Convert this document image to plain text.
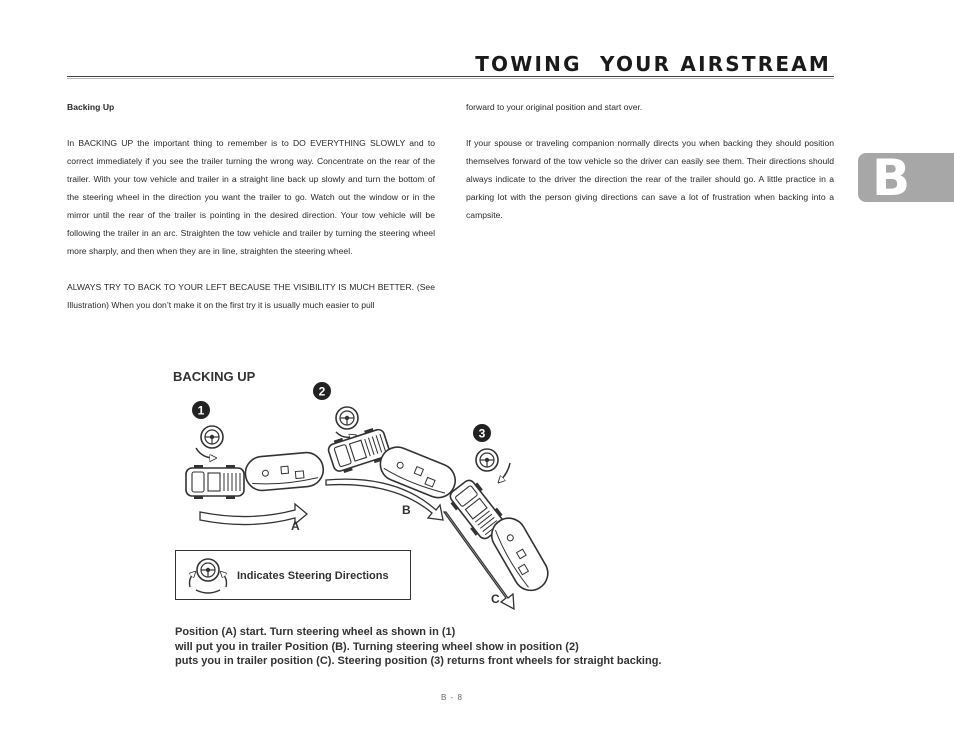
TOWING  YOUR AIRSTREAM
B

Backing Up

In BACKING UP the important thing to remember is to DO EVERYTHING SLOWLY and to correct immediately if you see the trailer turning the wrong way. Concentrate on the rear of the trailer. With your tow vehicle and trailer in a straight line back up slowly and turn the bottom of the steering wheel in the direction you want the trailer to go. Watch out the window or in the mirror until the rear of the trailer is pointing in the desired direction. Your tow vehicle will be following the trailer in an arc. Straighten the tow vehicle and trailer by turning the steering wheel more sharply, and then when they are in line, straighten the steering wheel.

ALWAYS TRY TO BACK TO YOUR LEFT BECAUSE THE VISIBILITY IS MUCH BETTER. (See Illustration) When you don’t make it on the first try it is usually much easier to pull

forward to your original position and start over.

If your spouse or traveling companion normally directs you when backing they should position themselves forward of the tow vehicle so the driver can easily see them. Their directions should always indicate to the driver the direction the rear of the trailer should go. A little practice in a parking lot with the person giving directions can save a lot of frustration when backing into a campsite.

BACKING UP
1
2
3
A
B
C
Indicates Steering Directions
Position (A) start. Turn steering wheel as shown in (1)
will put you in trailer Position (B). Turning steering wheel show in position (2)
puts you in trailer position (C). Steering position (3) returns front wheels for straight backing.
B - 8
